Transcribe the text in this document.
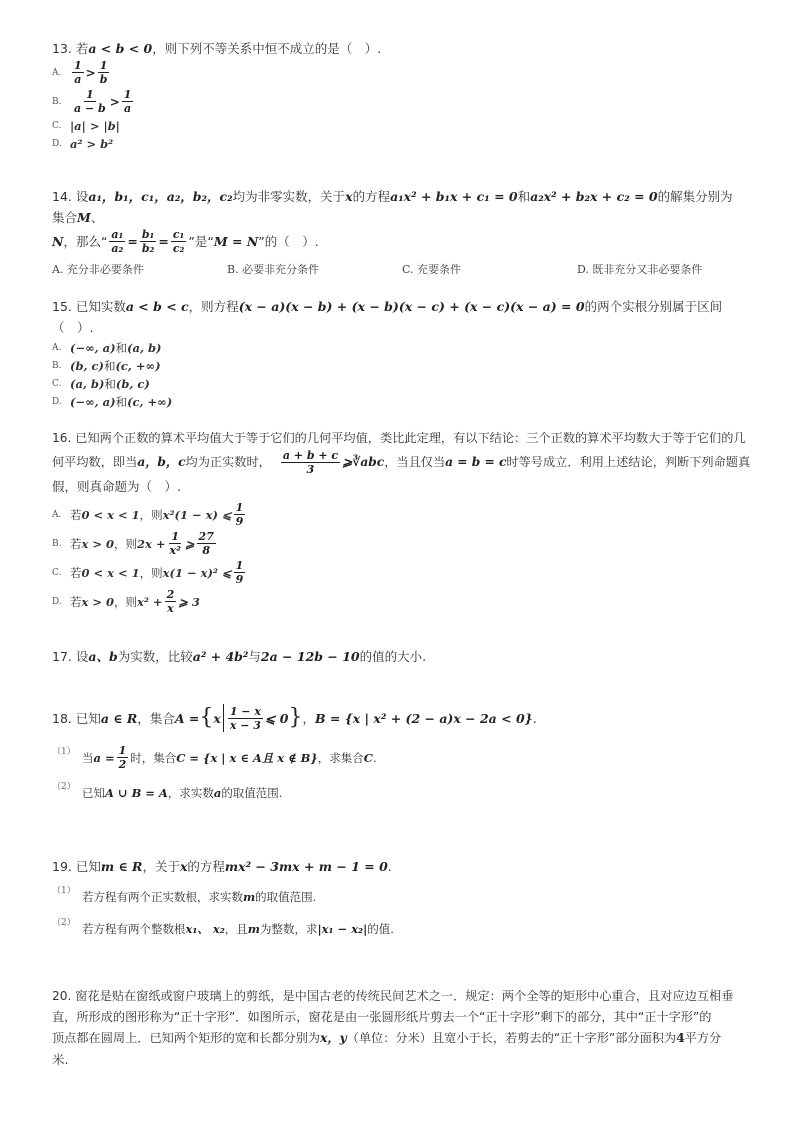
13. 若a < b < 0，则下列不等关系中恒不成立的是（　）.
A. $\frac{1}{a} > \frac{1}{b}$
B. $\frac{1}{a - b} > \frac{1}{a}$
C. |a| > |b|
D. a² > b²
14. 设a₁，b₁，c₁，a₂，b₂，c₂均为非零实数，关于x的方程a₁x² + b₁x + c₁ = 0和a₂x² + b₂x + c₂ = 0的解集分别为集合M、
N ，那么“ $\frac{\text{a₁}}{\text{a₂}} = \frac{\text{b₁}}{\text{b₂}} = \frac{\text{c₁}}{\text{c₂}}$ ”是“ M = N ”的（　）.
A. 充分非必要条件	B. 必要非充分条件	C. 充要条件	D. 既非充分又非必要条件
15. 已知实数a < b < c，则方程(x − a)(x − b) + (x − b)(x − c) + (x − c)(x − a) = 0的两个实根分别属于区间（　）.
A. (−∞, a) 和 (a, b)
B. (b, c) 和 (c, +∞)
C. (a, b) 和 (b, c)
D. (−∞, a) 和 (c, +∞)
16. 已知两个正数的算术平均值大于等于它们的几何平均值，类比此定理，有以下结论：三个正数的算术平均数大于等于它们的几
何平均数，即当 a，b，c 均为正实数时， $\frac{a + b + c}{3}$ ⩾ ∛abc ，当且仅当 a = b = c 时等号成立．利用上述结论，判断下列命题真
假，则真命题为（　）.
A. 若 0 < x < 1 ，则 x²(1 − x) ⩽ $\frac{1}{9}$
B. 若 x > 0 ，则 $2x + \frac{1}{\text{x²}}$ ⩾ $\frac{27}{8}$
C. 若 0 < x < 1 ，则 x(1 − x)² ⩽ $\frac{1}{9}$
D. 若 x > 0 ，则 $x^2 + \frac{2}{x}$ ⩾ 3
17. 设a、b为实数，比较a² + 4b²与2a − 12b − 10的值的大小.
18. 已知 a ∈ R ，集合 A = { x $\frac{1 - x}{x - 3}$ ⩽ 0 } ， B = {x | x² + (2 − a)x − 2a < 0} .
（1） 当 $a = \frac{1}{2}$ 时，集合 C = {x | x ∈ A且 x ∉ B} ，求集合 C .
（2） 已知 A ∪ B = A ，求实数 a 的取值范围.
19. 已知m ∈ R，关于x的方程mx² − 3mx + m − 1 = 0.
（1） 若方程有两个正实数根，求实数 m 的取值范围.
（2） 若方程有两个整数根 x₁、 x₂ ，且 m 为整数，求 |x₁ − x₂| 的值.
20. 窗花是贴在窗纸或窗户玻璃上的剪纸，是中国古老的传统民间艺术之一．规定：两个全等的矩形中心重合，且对应边互相垂
直，所形成的图形称为“正十字形”．如图所示，窗花是由一张圆形纸片剪去一个“正十字形”剩下的部分，其中“正十字形”的
顶点都在圆周上．已知两个矩形的宽和长都分别为x，y（单位：分米）且宽小于长，若剪去的“正十字形”部分面积为4平方分
米.
